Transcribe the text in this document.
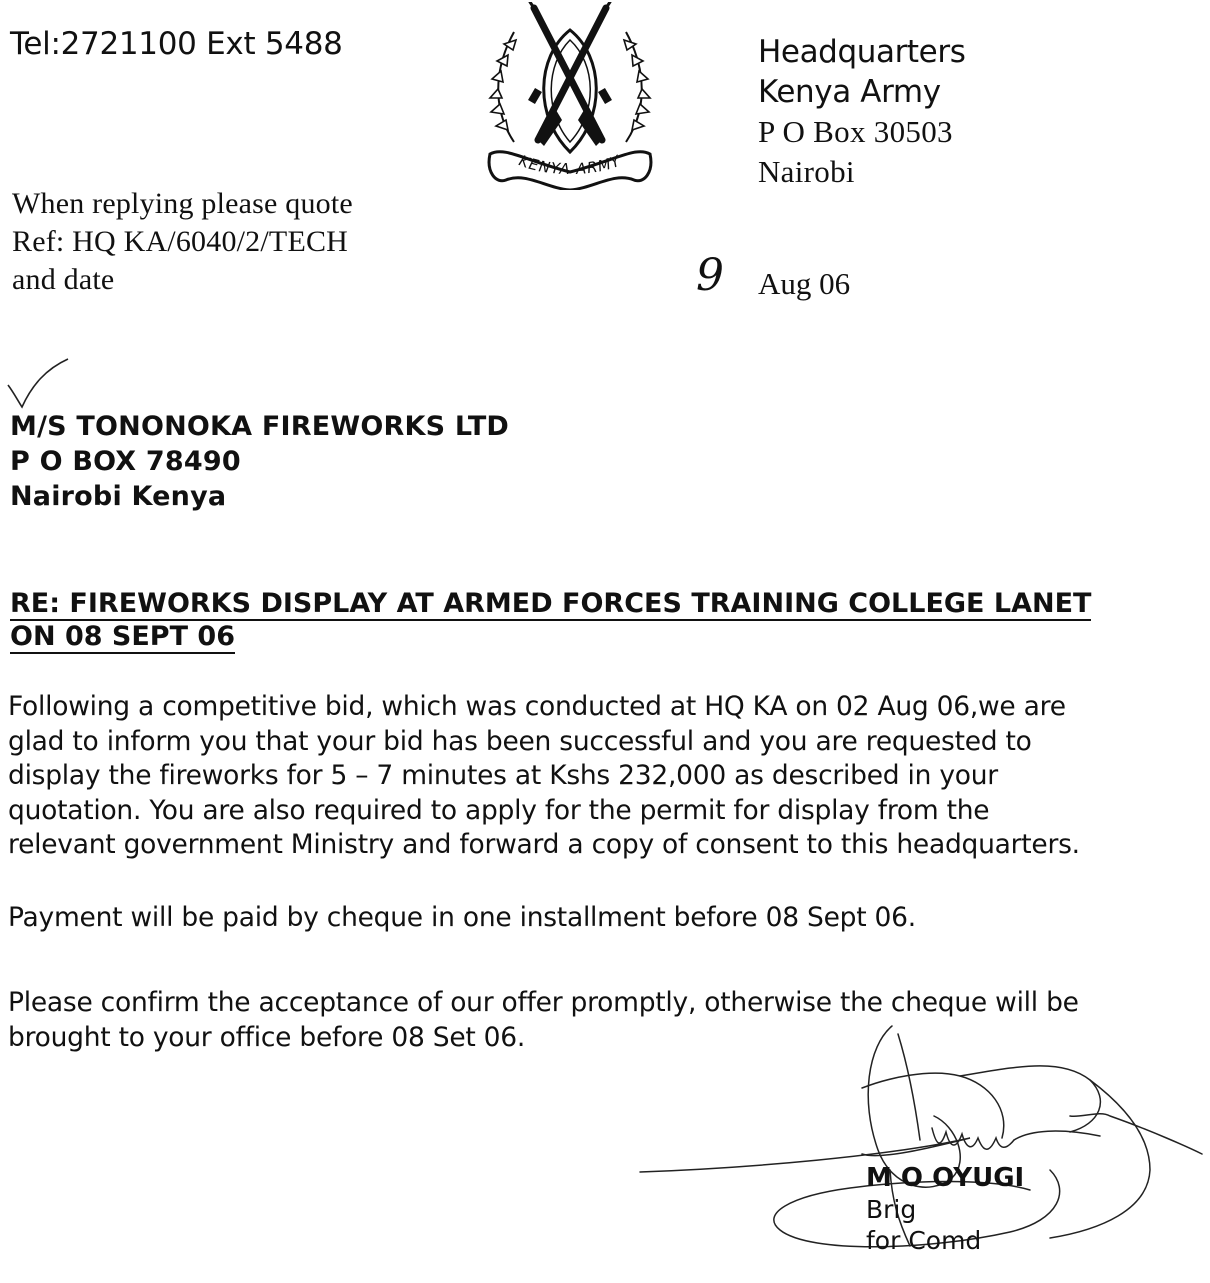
Tel:2721100 Ext 5488
KENYA ARMY
Headquarters
Kenya Army
P O Box 30503
Nairobi
When replying please quote
Ref: HQ KA/6040/2/TECH
and date	9 Aug 06
M/S TONONOKA FIREWORKS LTD
P O BOX 78490
Nairobi Kenya
RE: FIREWORKS DISPLAY AT ARMED FORCES TRAINING COLLEGE LANET
ON 08 SEPT 06
Following a competitive bid, which was conducted at HQ KA on 02 Aug 06,we are
glad to inform you that your bid has been successful and you are requested to
display the fireworks for 5 – 7 minutes at Kshs 232,000 as described in your
quotation. You are also required to apply for the permit for display from the
relevant government Ministry and forward a copy of consent to this headquarters.
Payment will be paid by cheque in one installment before 08 Sept 06.
Please confirm the acceptance of our offer promptly, otherwise the cheque will be
brought to your office before 08 Set 06.
M O OYUGI
Brig
for Comd
